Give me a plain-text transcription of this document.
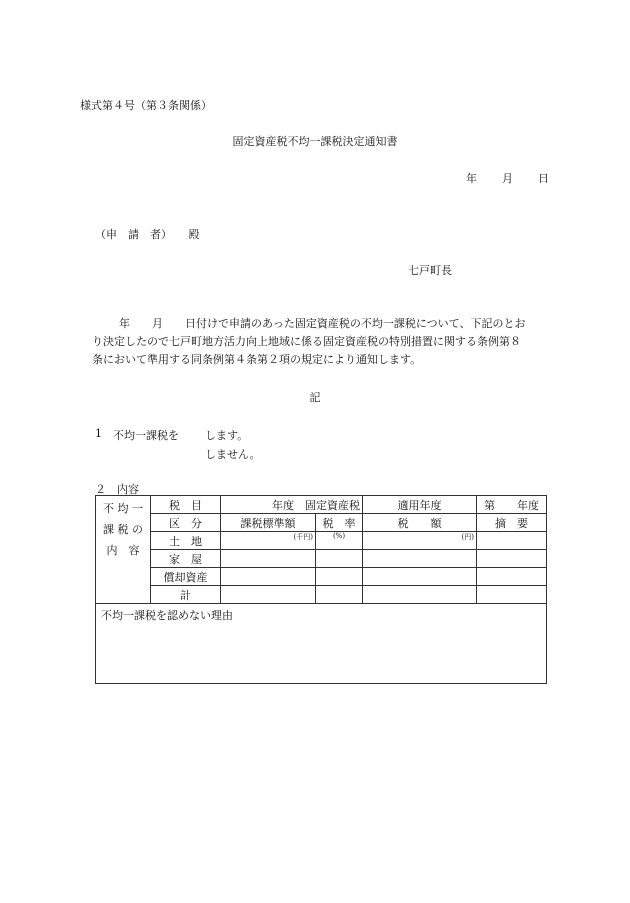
様式第４号（第３条関係）
固定資産税不均一課税決定通知書
年 月 日
（申　請　者）　　殿
七戸町長
　年　　月　　日付けで申請のあった固定資産税の不均一課税について、下記のとお
り決定したので七戸町地方活力向上地域に係る固定資産税の特別措置に関する条例第８
条において準用する同条例第４条第２項の規定により通知します。
記
1 不均一課税を します。
しません。
２　内容
不 均 一
課 税 の
内　容	税　目	年度　固定資産税		適用年度	第　　年度
	区　分	課税標準額	税　率	税　　額	摘　要
	土　地	(千円)	(%)	(円)	
	家　屋				
	償却資産				
	計				
不均一課税を認めない理由					
